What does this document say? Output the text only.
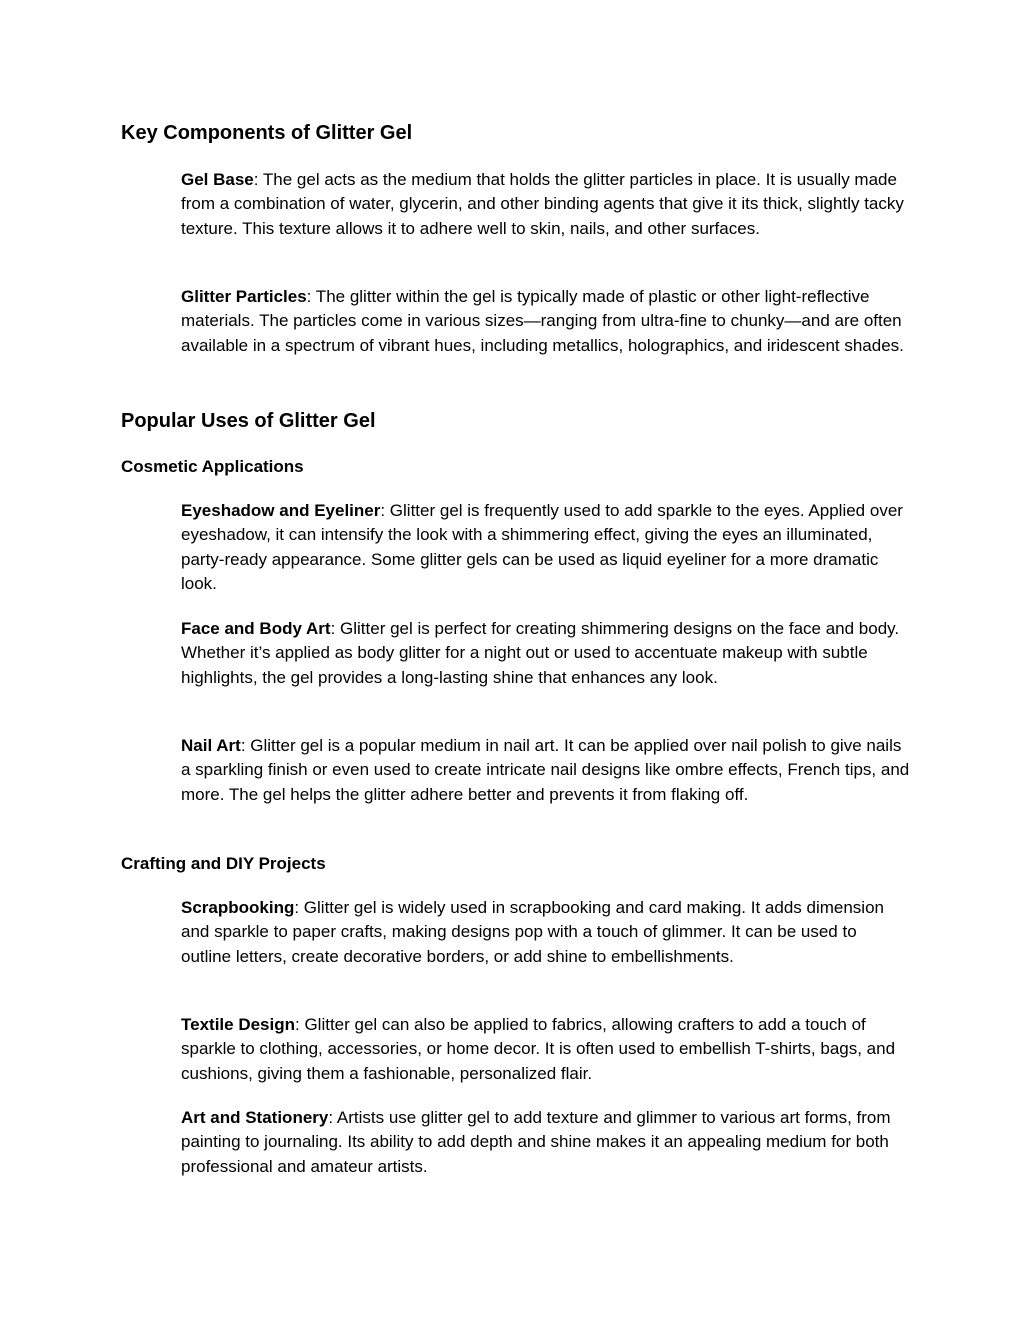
Key Components of Glitter Gel

Gel Base: The gel acts as the medium that holds the glitter particles in place. It is usually made from a combination of water, glycerin, and other binding agents that give it its thick, slightly tacky texture. This texture allows it to adhere well to skin, nails, and other surfaces.

Glitter Particles: The glitter within the gel is typically made of plastic or other light-reflective materials. The particles come in various sizes—ranging from ultra-fine to chunky—and are often available in a spectrum of vibrant hues, including metallics, holographics, and iridescent shades.

Popular Uses of Glitter Gel
Cosmetic Applications

Eyeshadow and Eyeliner: Glitter gel is frequently used to add sparkle to the eyes. Applied over eyeshadow, it can intensify the look with a shimmering effect, giving the eyes an illuminated, party-ready appearance. Some glitter gels can be used as liquid eyeliner for a more dramatic look.

Face and Body Art: Glitter gel is perfect for creating shimmering designs on the face and body. Whether it’s applied as body glitter for a night out or used to accentuate makeup with subtle highlights, the gel provides a long-lasting shine that enhances any look.

Nail Art: Glitter gel is a popular medium in nail art. It can be applied over nail polish to give nails a sparkling finish or even used to create intricate nail designs like ombre effects, French tips, and more. The gel helps the glitter adhere better and prevents it from flaking off.

Crafting and DIY Projects

Scrapbooking: Glitter gel is widely used in scrapbooking and card making. It adds dimension and sparkle to paper crafts, making designs pop with a touch of glimmer. It can be used to outline letters, create decorative borders, or add shine to embellishments.

Textile Design: Glitter gel can also be applied to fabrics, allowing crafters to add a touch of sparkle to clothing, accessories, or home decor. It is often used to embellish T-shirts, bags, and cushions, giving them a fashionable, personalized flair.

Art and Stationery: Artists use glitter gel to add texture and glimmer to various art forms, from painting to journaling. Its ability to add depth and shine makes it an appealing medium for both professional and amateur artists.
